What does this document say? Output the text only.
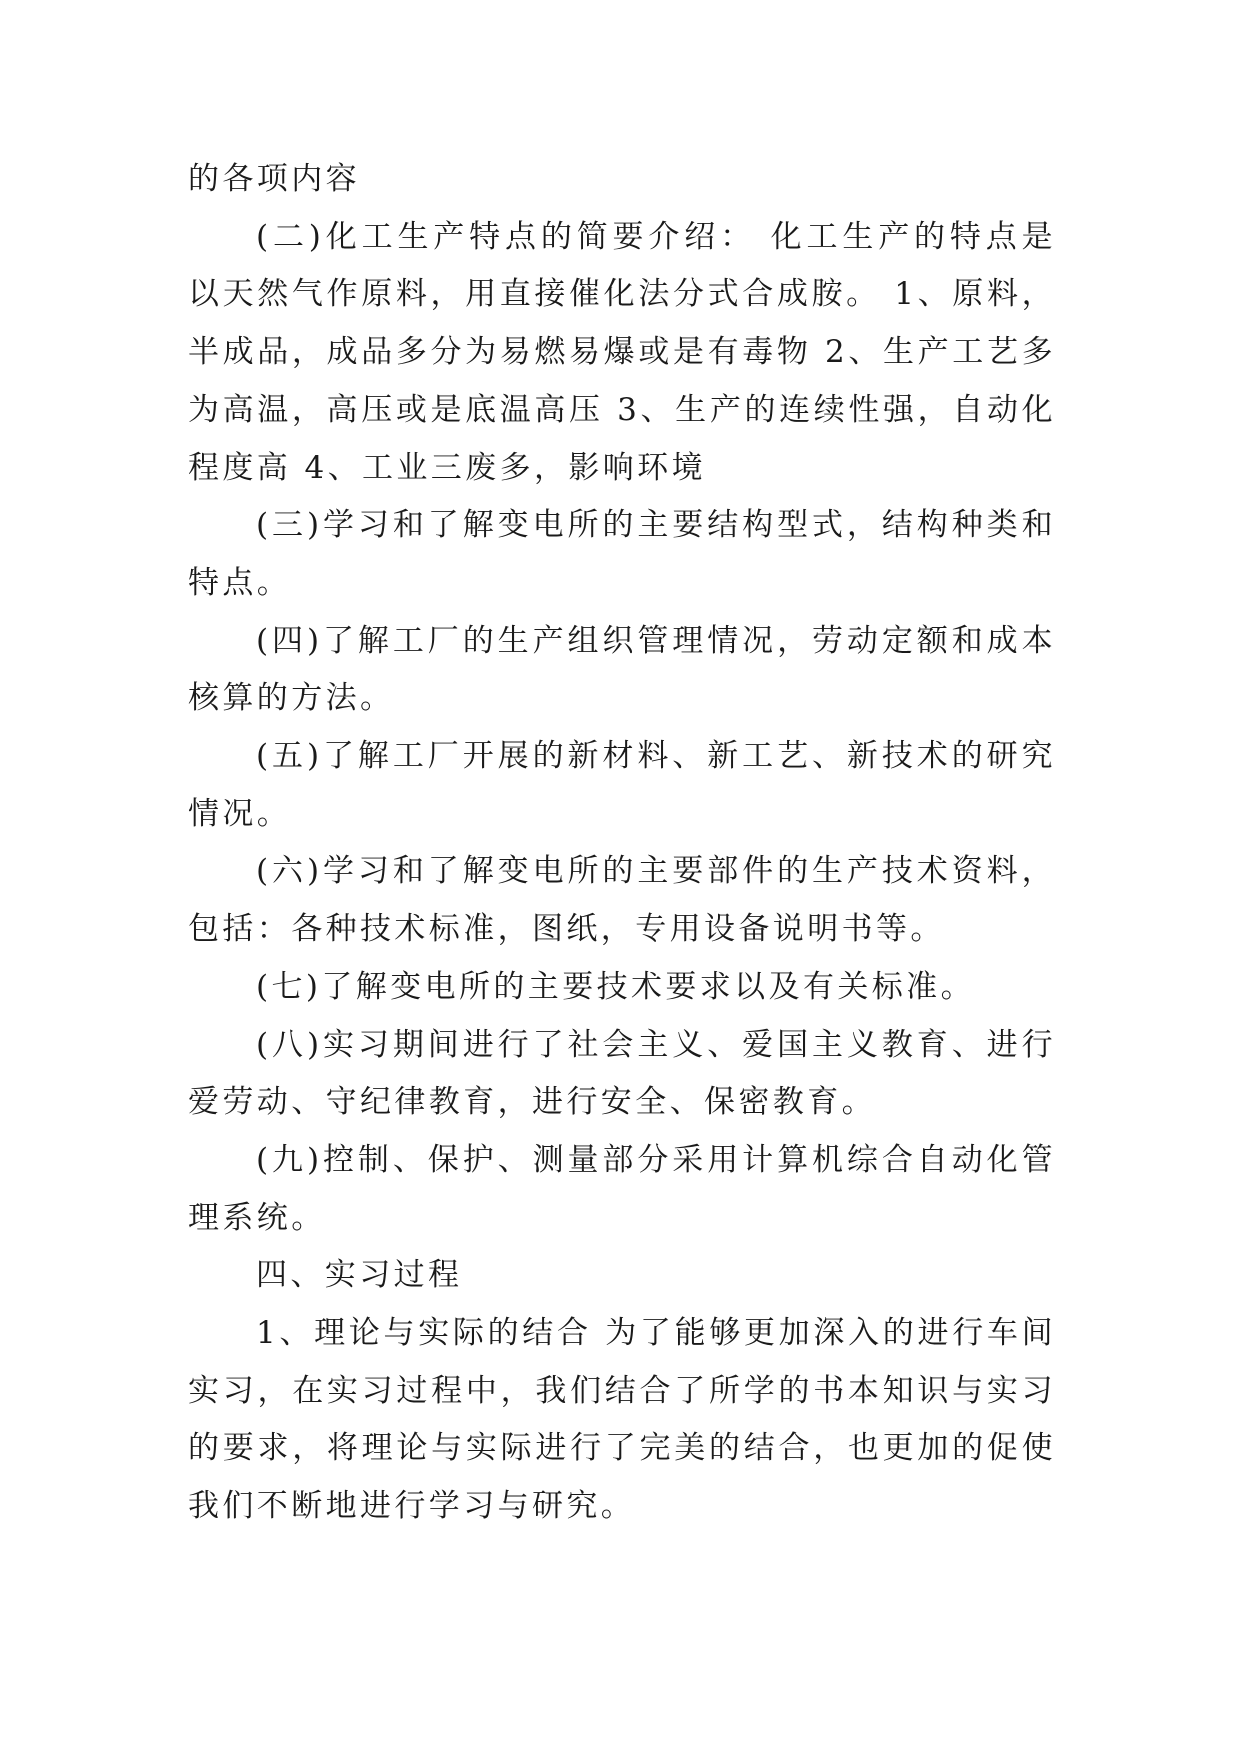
的各项内容

(二)化工生产特点的简要介绍： 化工生产的特点是以天然气作原料，用直接催化法分式合成胺。 1、原料，半成品，成品多分为易燃易爆或是有毒物 2、生产工艺多为高温，高压或是底温高压 3、生产的连续性强，自动化程度高 4、工业三废多，影响环境

(三)学习和了解变电所的主要结构型式，结构种类和特点。

(四)了解工厂的生产组织管理情况，劳动定额和成本核算的方法。

(五)了解工厂开展的新材料、新工艺、新技术的研究情况。

(六)学习和了解变电所的主要部件的生产技术资料，包括：各种技术标准，图纸，专用设备说明书等。

(七)了解变电所的主要技术要求以及有关标准。

(八)实习期间进行了社会主义、爱国主义教育、进行爱劳动、守纪律教育，进行安全、保密教育。

(九)控制、保护、测量部分采用计算机综合自动化管理系统。

四、实习过程

1、理论与实际的结合 为了能够更加深入的进行车间实习，在实习过程中，我们结合了所学的书本知识与实习的要求，将理论与实际进行了完美的结合，也更加的促使我们不断地进行学习与研究。
